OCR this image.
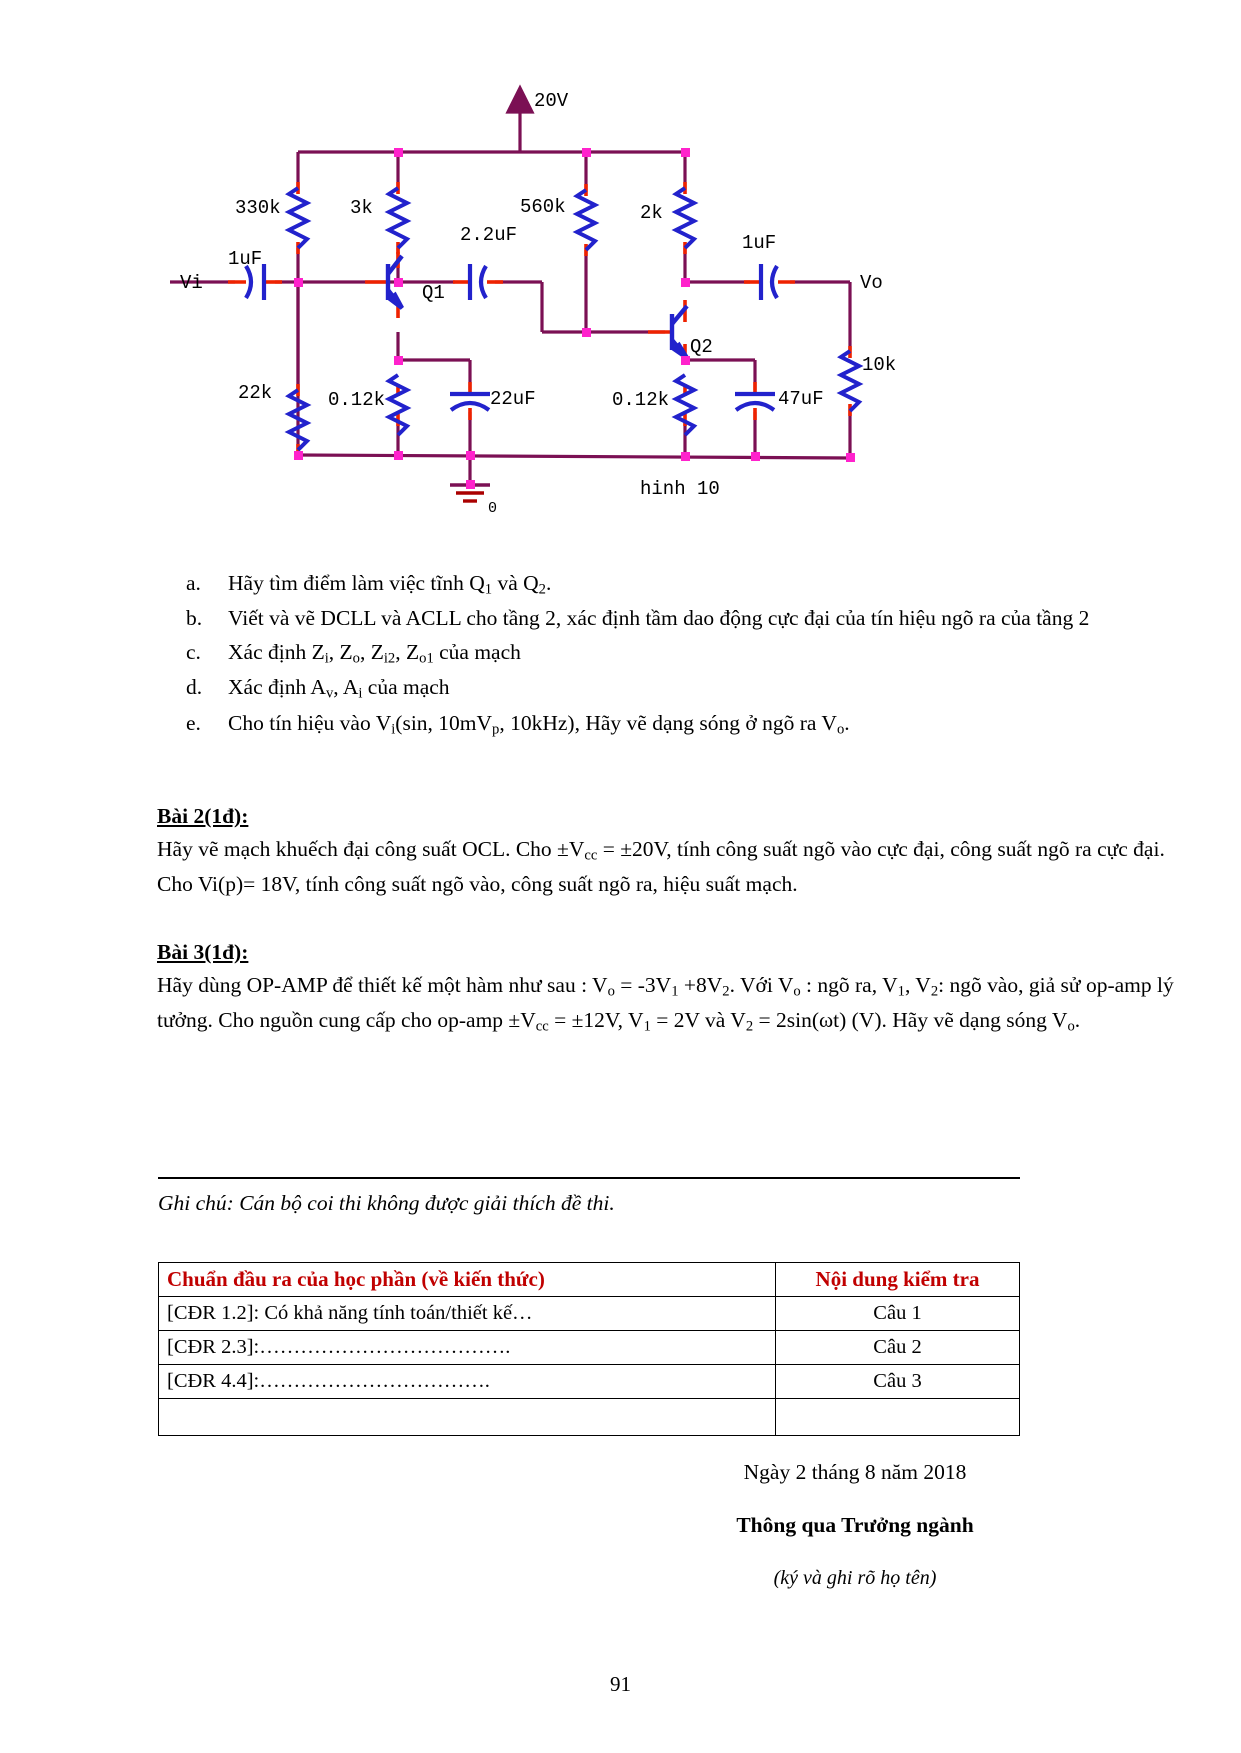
20V
Vi
1uF
330k	3k
2.2uF
560k	2k
1uF
Vo
Q1
Q2
22k	0.12k	22uF	0.12k	47uF
10k
0
hinh 10
a.	Hãy tìm điểm làm việc tĩnh $Q_1$ và $Q_2$.
b.	Viết và vẽ DCLL và ACLL cho tầng 2, xác định tầm dao động cực đại của tín hiệu ngõ ra của tầng 2
c.	Xác định $Z_i$, $Z_o$, $Z_{i2}$, $Z_{o1}$ của mạch
d.	Xác định $A_v$, $A_i$ của mạch
e.	Cho tín hiệu vào $V_i(\sin$, $10mV_p$, 10kHz), Hãy vẽ dạng sóng ở ngõ ra $V_o$.
Bài 2(1đ):

Hãy vẽ mạch khuếch đại công suất OCL. Cho $\pm V_{cc} = \pm 20V$, tính công suất ngõ vào cực đại, công suất ngõ ra cực đại.

Cho Vi(p)= 18V, tính công suất ngõ vào, công suất ngõ ra, hiệu suất mạch.

Bài 3(1đ):

Hãy dùng OP-AMP để thiết kế một hàm như sau : $V_o = -3V_1 +8V_2$. Với $V_o$ : ngõ ra, $V_1$, $V_2$: ngõ vào, giả sử op-amp lý tưởng. Cho nguồn cung cấp cho $op-amp \pm V_{cc} = \pm 12V$, $V_1 = 2V$ và $V_2 = 2\sin(\omega t)$ (V). Hãy vẽ dạng sóng $V_o$.

Ghi chú: Cán bộ coi thi không được giải thích đề thi.
Chuẩn đầu ra của học phần (về kiến thức)	Nội dung kiểm tra
[CĐR 1.2]: Có khả năng tính toán/thiết kế…	Câu 1
[CĐR 2.3]:……………………………….	Câu 2
[CĐR 4.4]:…………………………….	Câu 3

Ngày 2 tháng 8 năm 2018
Thông qua Trưởng ngành
(ký và ghi rõ họ tên)
91
